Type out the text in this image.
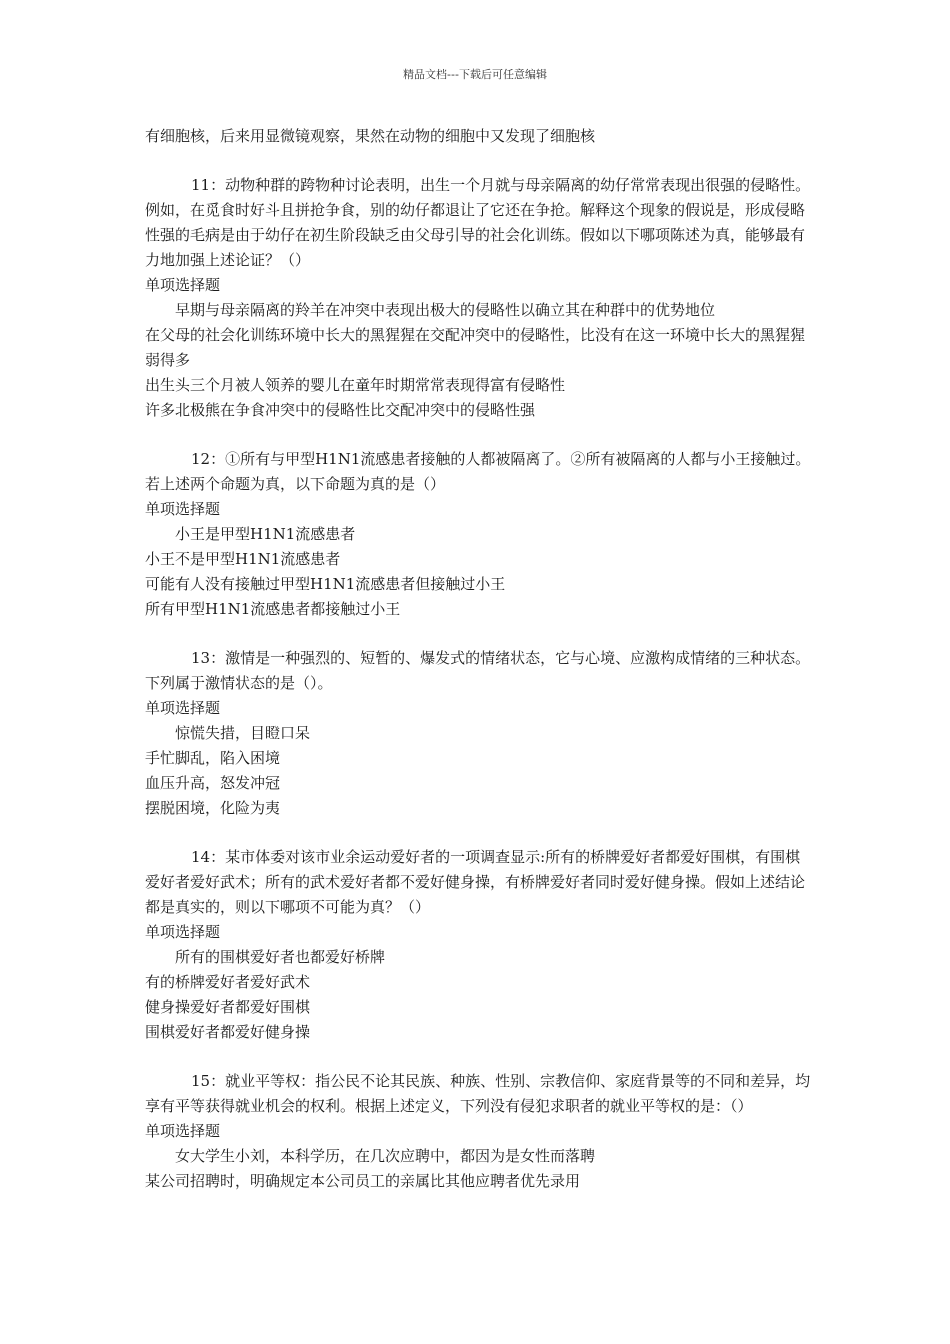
精品文档---下载后可任意编辑

有细胞核，后来用显微镜观察，果然在动物的细胞中又发现了细胞核

11：动物种群的跨物种讨论表明，出生一个月就与母亲隔离的幼仔常常表现出很强的侵略性。例如，在觅食时好斗且拼抢争食，别的幼仔都退让了它还在争抢。解释这个现象的假说是，形成侵略性强的毛病是由于幼仔在初生阶段缺乏由父母引导的社会化训练。假如以下哪项陈述为真，能够最有力地加强上述论证？（）

单项选择题

早期与母亲隔离的羚羊在冲突中表现出极大的侵略性以确立其在种群中的优势地位

在父母的社会化训练环境中长大的黑猩猩在交配冲突中的侵略性，比没有在这一环境中长大的黑猩猩弱得多

出生头三个月被人领养的婴儿在童年时期常常表现得富有侵略性

许多北极熊在争食冲突中的侵略性比交配冲突中的侵略性强

12：①所有与甲型H1N1流感患者接触的人都被隔离了。②所有被隔离的人都与小王接触过。若上述两个命题为真，以下命题为真的是（）

单项选择题

小王是甲型H1N1流感患者

小王不是甲型H1N1流感患者

可能有人没有接触过甲型H1N1流感患者但接触过小王

所有甲型H1N1流感患者都接触过小王

13：激情是一种强烈的、短暂的、爆发式的情绪状态，它与心境、应激构成情绪的三种状态。下列属于激情状态的是（）。

单项选择题

惊慌失措，目瞪口呆

手忙脚乱，陷入困境

血压升高，怒发冲冠

摆脱困境，化险为夷

14：某市体委对该市业余运动爱好者的一项调查显示:所有的桥牌爱好者都爱好围棋，有围棋爱好者爱好武术；所有的武术爱好者都不爱好健身操，有桥牌爱好者同时爱好健身操。假如上述结论都是真实的，则以下哪项不可能为真？（）

单项选择题

所有的围棋爱好者也都爱好桥牌

有的桥牌爱好者爱好武术

健身操爱好者都爱好围棋

围棋爱好者都爱好健身操

15：就业平等权：指公民不论其民族、种族、性别、宗教信仰、家庭背景等的不同和差异，均享有平等获得就业机会的权利。根据上述定义，下列没有侵犯求职者的就业平等权的是：（）

单项选择题

女大学生小刘，本科学历，在几次应聘中，都因为是女性而落聘

某公司招聘时，明确规定本公司员工的亲属比其他应聘者优先录用
